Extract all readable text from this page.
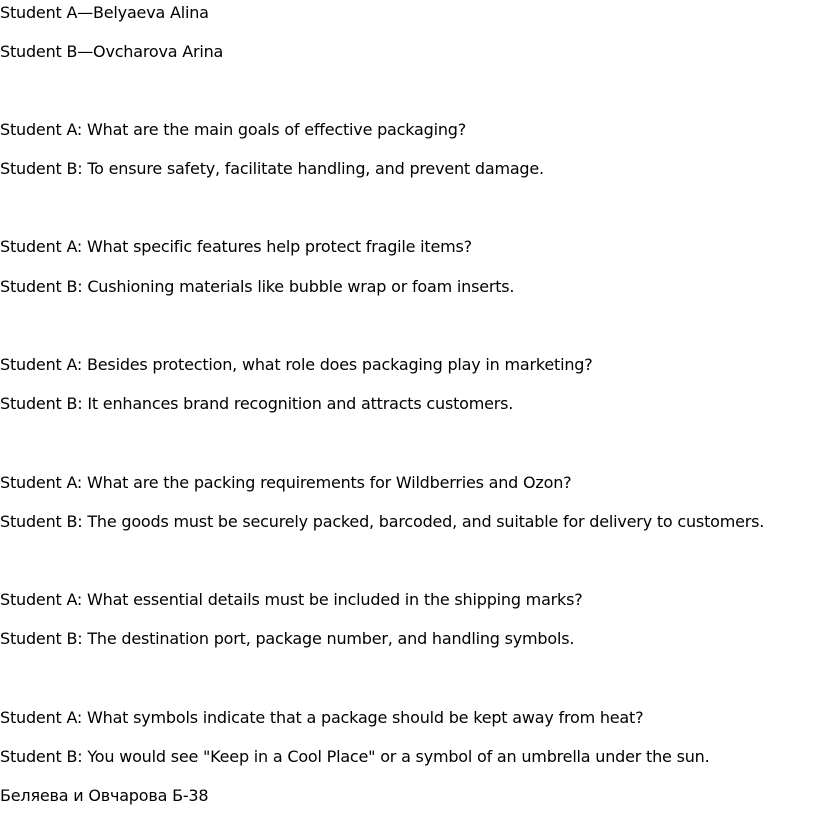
Student A—Belyaeva Alina

Student B—Ovcharova Arina

Student A: What are the main goals of effective packaging?

Student B: To ensure safety, facilitate handling, and prevent damage.

Student A: What specific features help protect fragile items?

Student B: Cushioning materials like bubble wrap or foam inserts.

Student A: Besides protection, what role does packaging play in marketing?

Student B: It enhances brand recognition and attracts customers.

Student A: What are the packing requirements for Wildberries and Ozon?

Student B: The goods must be securely packed, barcoded, and suitable for delivery to customers.

Student A: What essential details must be included in the shipping marks?

Student B: The destination port, package number, and handling symbols.

Student A: What symbols indicate that a package should be kept away from heat?

Student B: You would see "Keep in a Cool Place" or a symbol of an umbrella under the sun.

Беляева и Овчарова Б-38
